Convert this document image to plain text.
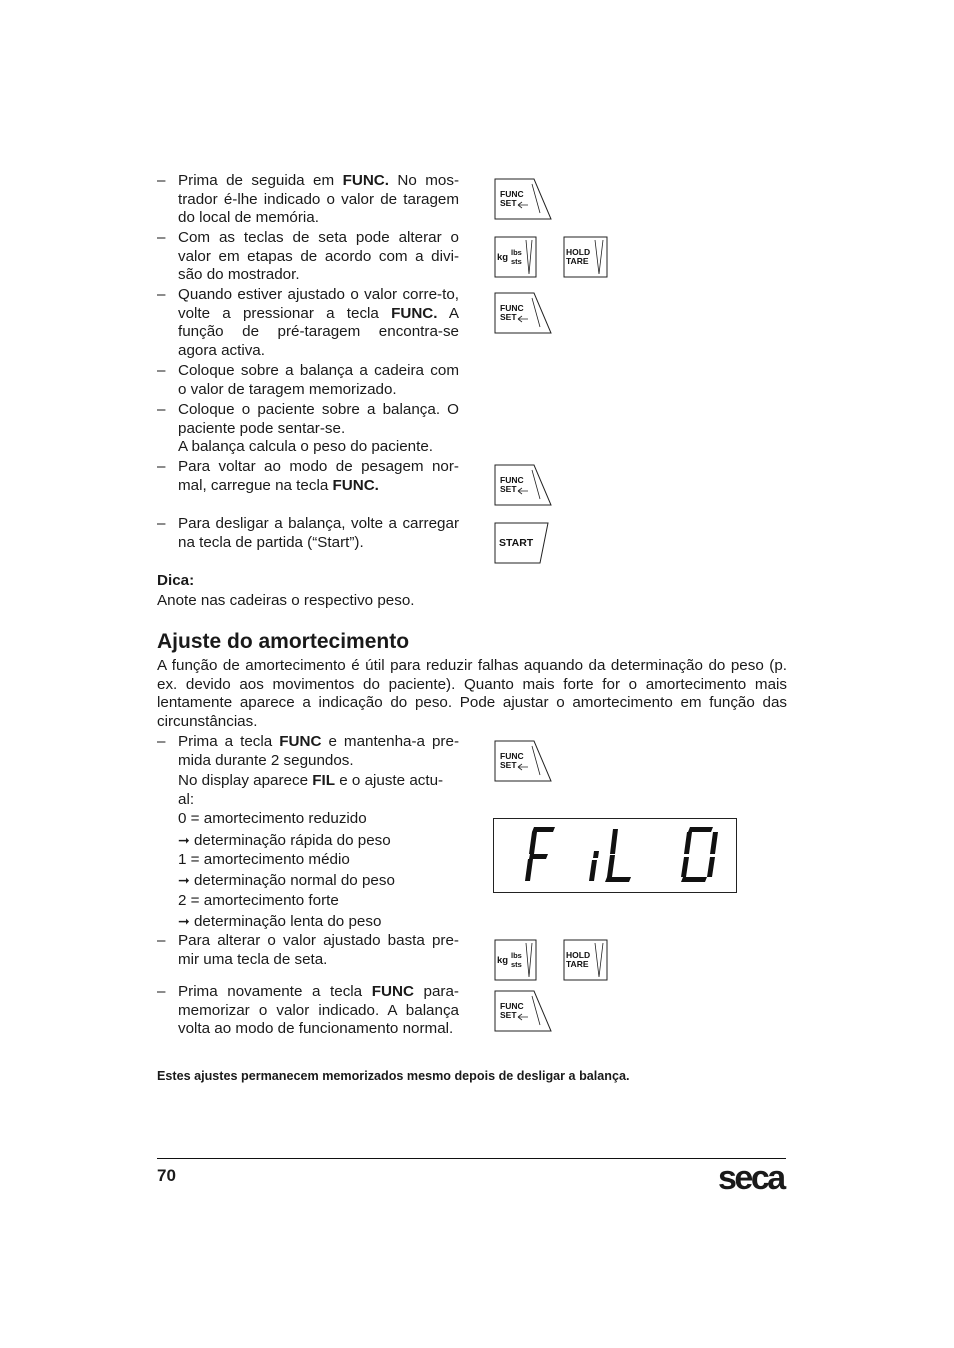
– Prima de seguida em FUNC. No mos-trador é-lhe indicado o valor de taragem do local de memória.
– Com as teclas de seta pode alterar o valor em etapas de acordo com a divi-são do mostrador.
– Quando estiver ajustado o valor corre-to, volte a pressionar a tecla FUNC. A função de pré-taragem encontra-se agora activa.
– Coloque sobre a balança a cadeira com o valor de taragem memorizado.
– Coloque o paciente sobre a balança. O paciente pode sentar-se.

A balança calcula o peso do paciente.
– Para voltar ao modo de pesagem nor-mal, carregue na tecla FUNC.
– Para desligar a balança, volte a carregar na tecla de partida (“Start”).
FUNC
SET
kg lbs
sts
HOLD
TARE
FUNC
SET
FUNC
SET
START
Dica:
Anote nas cadeiras o respectivo peso.
Ajuste do amortecimento
A função de amortecimento é útil para reduzir falhas aquando da determinação do peso (p. ex. devido aos movimentos do paciente). Quanto mais forte for o amortecimento mais lentamente aparece a indicação do peso. Pode ajustar o amortecimento em função das circunstâncias.
– Prima a tecla FUNC e mantenha-a pre-mida durante 2 segundos.
No display aparece FIL e o ajuste actu-al:
0 = amortecimento reduzido
➞ determinação rápida do peso
1 = amortecimento médio
➞ determinação normal do peso
2 = amortecimento forte
➞ determinação lenta do peso
– Para alterar o valor ajustado basta pre-mir uma tecla de seta.
– Prima novamente a tecla FUNC para-memorizar o valor indicado. A balança volta ao modo de funcionamento normal.
FUNC
SET
kg lbs
sts
HOLD
TARE
FUNC
SET
Estes ajustes permanecem memorizados mesmo depois de desligar a balança.
70	seca
